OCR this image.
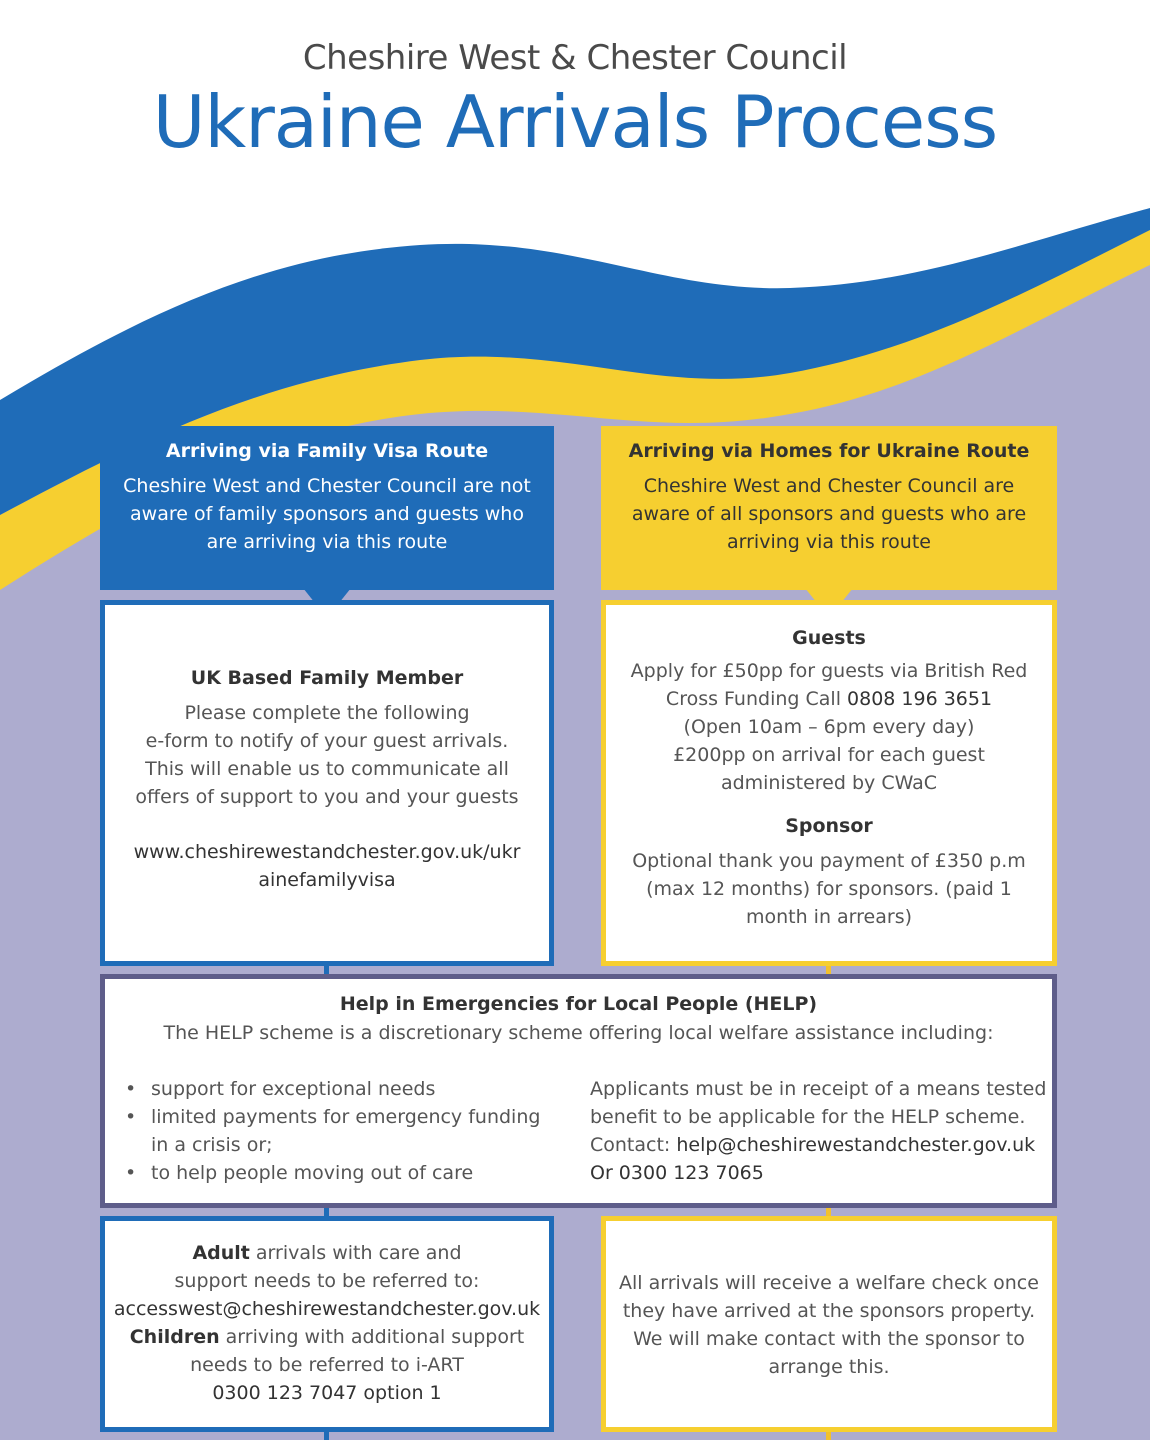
Cheshire West & Chester Council
Ukraine Arrivals Process
Arriving via Family Visa Route
Cheshire West and Chester Council are not
aware of family sponsors and guests who
are arriving via this route
Arriving via Homes for Ukraine Route
Cheshire West and Chester Council are
aware of all sponsors and guests who are
arriving via this route
UK Based Family Member
Please complete the following
e-form to notify of your guest arrivals.
This will enable us to communicate all
offers of support to you and your guests
www.cheshirewestandchester.gov.uk/ukr
ainefamilyvisa
Guests
Apply for £50pp for guests via British Red
Cross Funding Call 0808 196 3651
(Open 10am – 6pm every day)
£200pp on arrival for each guest
administered by CWaC
Sponsor
Optional thank you payment of £350 p.m
(max 12 months) for sponsors. (paid 1
month in arrears)
Help in Emergencies for Local People (HELP)
The HELP scheme is a discretionary scheme offering local welfare assistance including:
• support for exceptional needs
• limited payments for emergency funding in a crisis or;
• to help people moving out of care
Applicants must be in receipt of a means tested
benefit to be applicable for the HELP scheme.
Contact: help@cheshirewestandchester.gov.uk
Or 0300 123 7065
Adult arrivals with care and
support needs to be referred to:
accesswest@cheshirewestandchester.gov.uk
Children arriving with additional support
needs to be referred to i-ART
0300 123 7047 option 1
All arrivals will receive a welfare check once
they have arrived at the sponsors property.
We will make contact with the sponsor to
arrange this.
